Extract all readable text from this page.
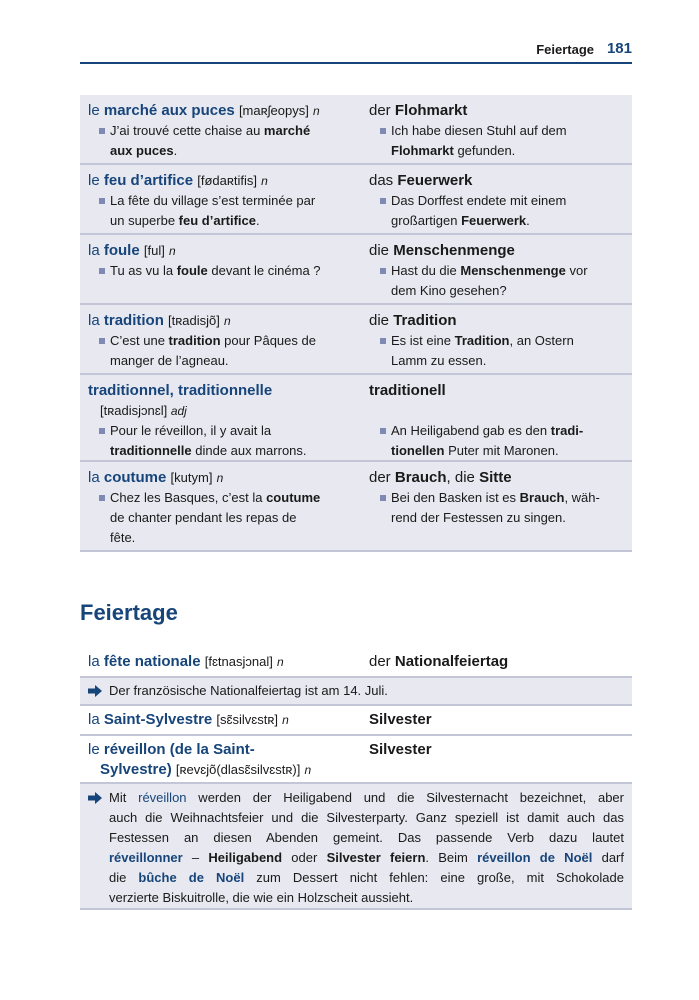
Feiertage 181
le marché aux puces [maʀʃeopys] n
J’ai trouvé cette chaise au marché
aux puces.
der Flohmarkt
Ich habe diesen Stuhl auf dem
Flohmarkt gefunden.
le feu d’artifice [fødaʀtifis] n
La fête du village s’est terminée par
un superbe feu d’artifice.
das Feuerwerk
Das Dorffest endete mit einem
großartigen Feuerwerk.
la foule [ful] n
Tu as vu la foule devant le cinéma ?
die Menschenmenge
Hast du die Menschenmenge vor
dem Kino gesehen?
la tradition [tʀadisjõ] n
C’est une tradition pour Pâques de
manger de l’agneau.
die Tradition
Es ist eine Tradition, an Ostern
Lamm zu essen.
traditionnel, traditionnelle
[tʀadisjɔnɛl] adj
Pour le réveillon, il y avait la
traditionnelle dinde aux marrons.
traditionell
An Heiligabend gab es den tradi-
tionellen Puter mit Maronen.
la coutume [kutym] n
Chez les Basques, c’est la coutume
de chanter pendant les repas de
fête.
der Brauch, die Sitte
Bei den Basken ist es Brauch, wäh-
rend der Festessen zu singen.
Feiertage
la fête nationale [fɛtnasjɔnal] n	der Nationalfeiertag
Der französische Nationalfeiertag ist am 14. Juli.
la Saint-Sylvestre [sɛ̃silvɛstʀ] n	Silvester
le réveillon (de la Saint-
Sylvestre) [ʀevɛjõ(dlasɛ̃silvɛstʀ)] n
Silvester
Mit réveillon werden der Heiligabend und die Silvesternacht bezeichnet, aber
auch die Weihnachtsfeier und die Silvesterparty. Ganz speziell ist damit auch das
Festessen an diesen Abenden gemeint. Das passende Verb dazu lautet
réveillonner – Heiligabend oder Silvester feiern. Beim réveillon de Noël darf
die bûche de Noël zum Dessert nicht fehlen: eine große, mit Schokolade
verzierte Biskuitrolle, die wie ein Holzscheit aussieht.
